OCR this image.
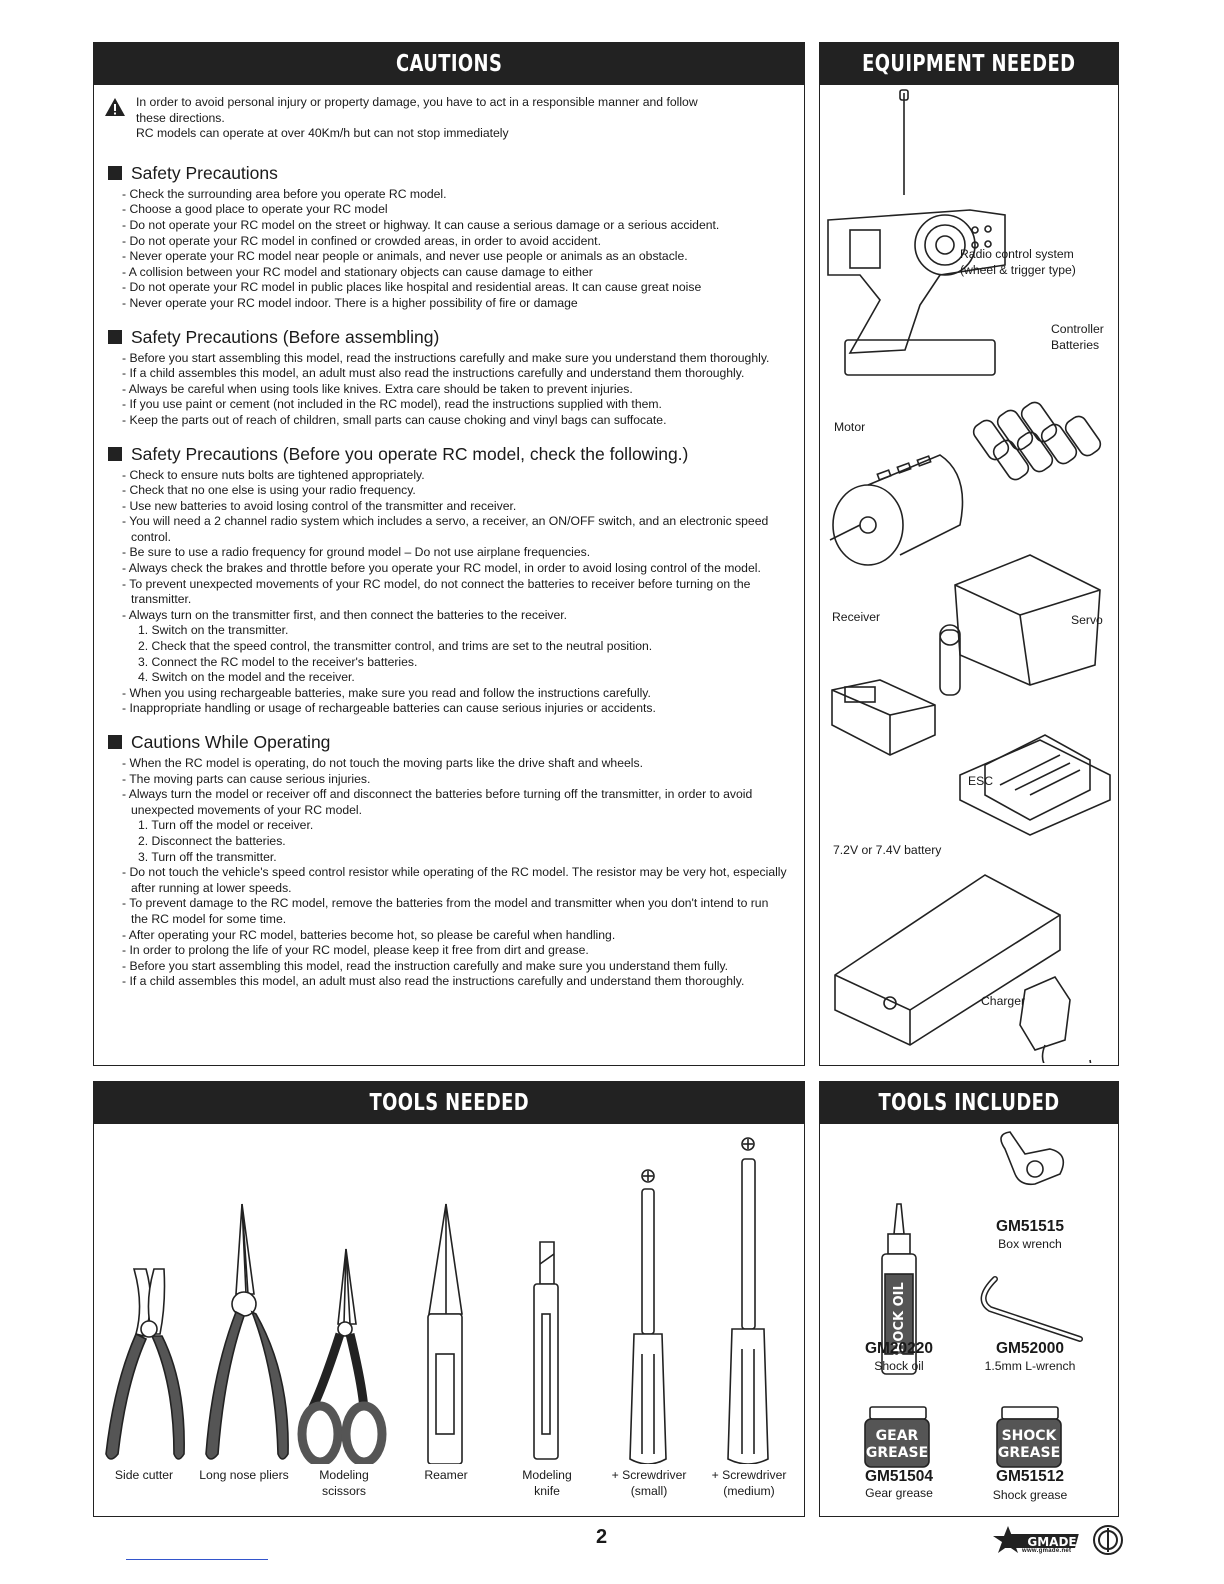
CAUTIONS

In order to avoid personal injury or property damage, you have to act in a responsible manner and follow

these directions.

RC models can operate at over 40Km/h but can not stop immediately

Safety Precautions
- Check the surrounding area before you operate RC model.
- Choose a good place to operate your RC model
- Do not operate your RC model on the street or highway. It can cause a serious damage or a serious accident.
- Do not operate your RC model in confined or crowded areas, in order to avoid accident.
- Never operate your RC model near people or animals, and never use people or animals as an obstacle.
- A collision between your RC model and stationary objects can cause damage to either
- Do not operate your RC model in public places like hospital and residential areas. It can cause great noise
- Never operate your RC model indoor. There is a higher possibility of fire or damage
Safety Precautions (Before assembling)
- Before you start assembling this model, read the instructions carefully and make sure you understand them thoroughly.
- If a child assembles this model, an adult must also read the instructions carefully and understand them thoroughly.
- Always be careful when using tools like knives. Extra care should be taken to prevent injuries.
- If you use paint or cement (not included in the RC model), read the instructions supplied with them.
- Keep the parts out of reach of children, small parts can cause choking and vinyl bags can suffocate.
Safety Precautions (Before you operate RC model, check the following.)
- Check to ensure nuts bolts are tightened appropriately.
- Check that no one else is using your radio frequency.
- Use new batteries to avoid losing control of the transmitter and receiver.
- You will need a 2 channel radio system which includes a servo, a receiver, an ON/OFF switch, and an electronic speed control.
- Be sure to use a radio frequency for ground model – Do not use airplane frequencies.
- Always check the brakes and throttle before you operate your RC model, in order to avoid losing control of the model.
- To prevent unexpected movements of your RC model, do not connect the batteries to receiver before turning on the transmitter.
- Always turn on the transmitter first, and then connect the batteries to the receiver.
1. Switch on the transmitter.
2. Check that the speed control, the transmitter control, and trims are set to the neutral position.
3. Connect the RC model to the receiver's batteries.
4. Switch on the model and the receiver.
- When you using rechargeable batteries, make sure you read and follow the instructions carefully.
- Inappropriate handling or usage of rechargeable batteries can cause serious injuries or accidents.
Cautions While Operating
- When the RC model is operating, do not touch the moving parts like the drive shaft and wheels.
- The moving parts can cause serious injuries.
- Always turn the model or receiver off and disconnect the batteries before turning off the transmitter, in order to avoid unexpected movements of your RC model.
1. Turn off the model or receiver.
2. Disconnect the batteries.
3. Turn off the transmitter.
- Do not touch the vehicle's speed control resistor while operating of the RC model. The resistor may be very hot, especially after running at lower speeds.
- To prevent damage to the RC model, remove the batteries from the model and transmitter when you don't intend to run the RC model for some time.
- After operating your RC model, batteries become hot, so please be careful when handling.
- In order to prolong the life of your RC model, please keep it free from dirt and grease.
- Before you start assembling this model, read the instruction carefully and make sure you understand them fully.
- If a child assembles this model, an adult must also read the instructions carefully and understand them thoroughly.
EQUIPMENT NEEDED
Radio control system
(wheel & trigger type)
Controller
Batteries
Motor
Receiver	Servo
ESC
7.2V or 7.4V battery
Charger
TOOLS NEEDED
Side cutter	Long nose pliers	Modeling
scissors
Reamer	Modeling
knife
+ Screwdriver
(small)
+ Screwdriver
(medium)
TOOLS INCLUDED
SHOCK OIL
GEAR
GREASE
SHOCK
GREASE
GM51515
Box wrench
GM20220
Shock oil
GM52000
1.5mm L-wrench
GM51504
Gear grease
GM51512
Shock grease
2	GMADE
www.gmade.net
